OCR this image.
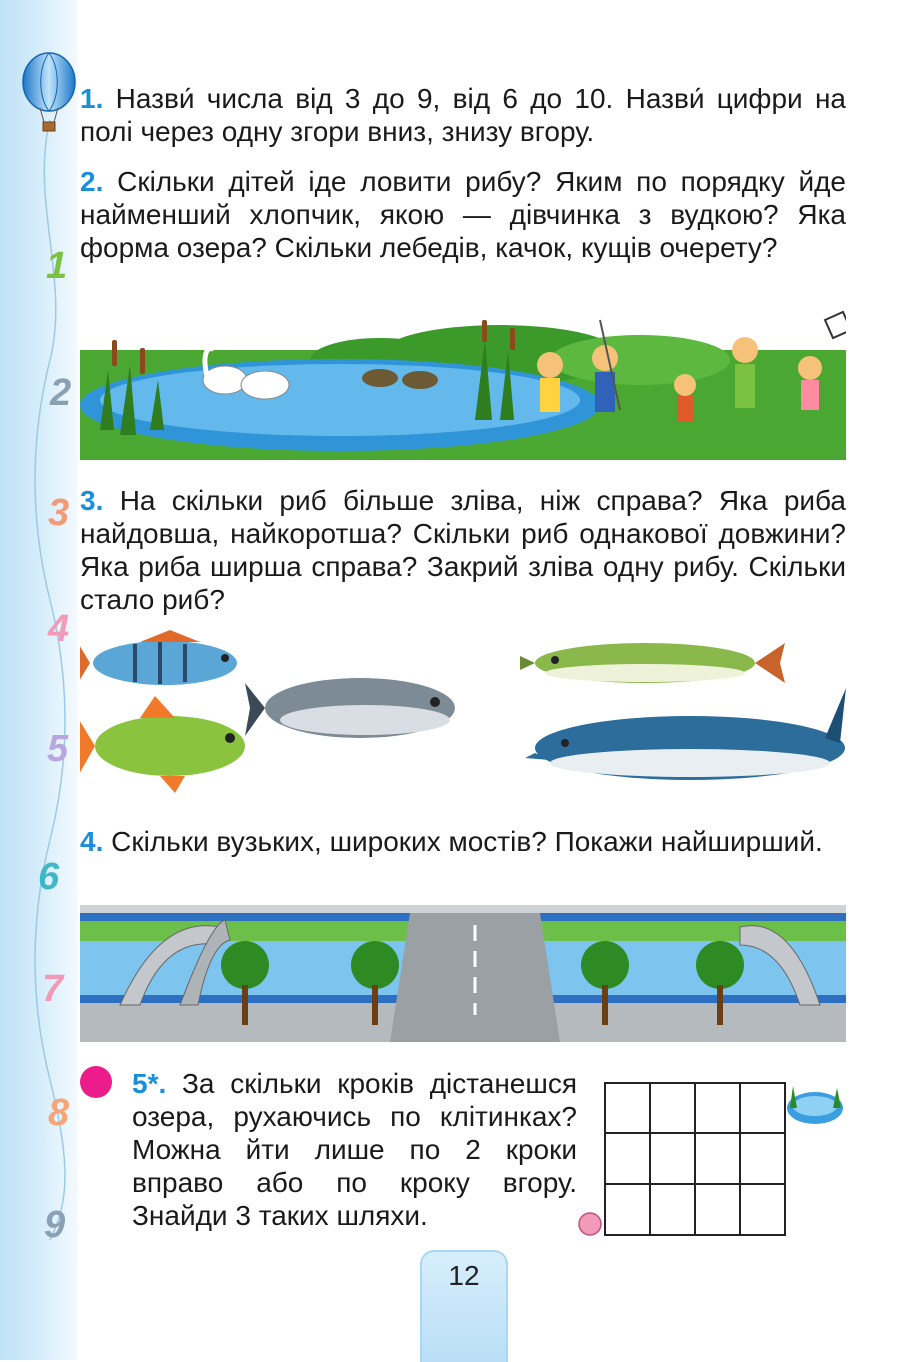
1
2
3
4
5
6
7
8
9
1. Назви́ числа від 3 до 9, від 6 до 10. Назви́ цифри на полі через одну згори вниз, знизу вгору.
2. Скільки дітей іде ловити рибу? Яким по порядку йде найменший хлопчик, якою — дівчинка з вудкою? Яка форма озера? Скільки лебедів, качок, кущів очерету?
3. На скільки риб більше зліва, ніж справа? Яка риба найдовша, найкоротша? Скільки риб однакової довжини? Яка риба ширша справа? Закрий зліва одну рибу. Скільки стало риб?
4. Скільки вузьких, широких мостів? Покажи найширший.
5*. За скільки кроків дістанешся озера, рухаючись по клітинках? Можна йти лише по 2 кроки вправо або по кроку вгору. Знайди 3 таких шляхи.
12
